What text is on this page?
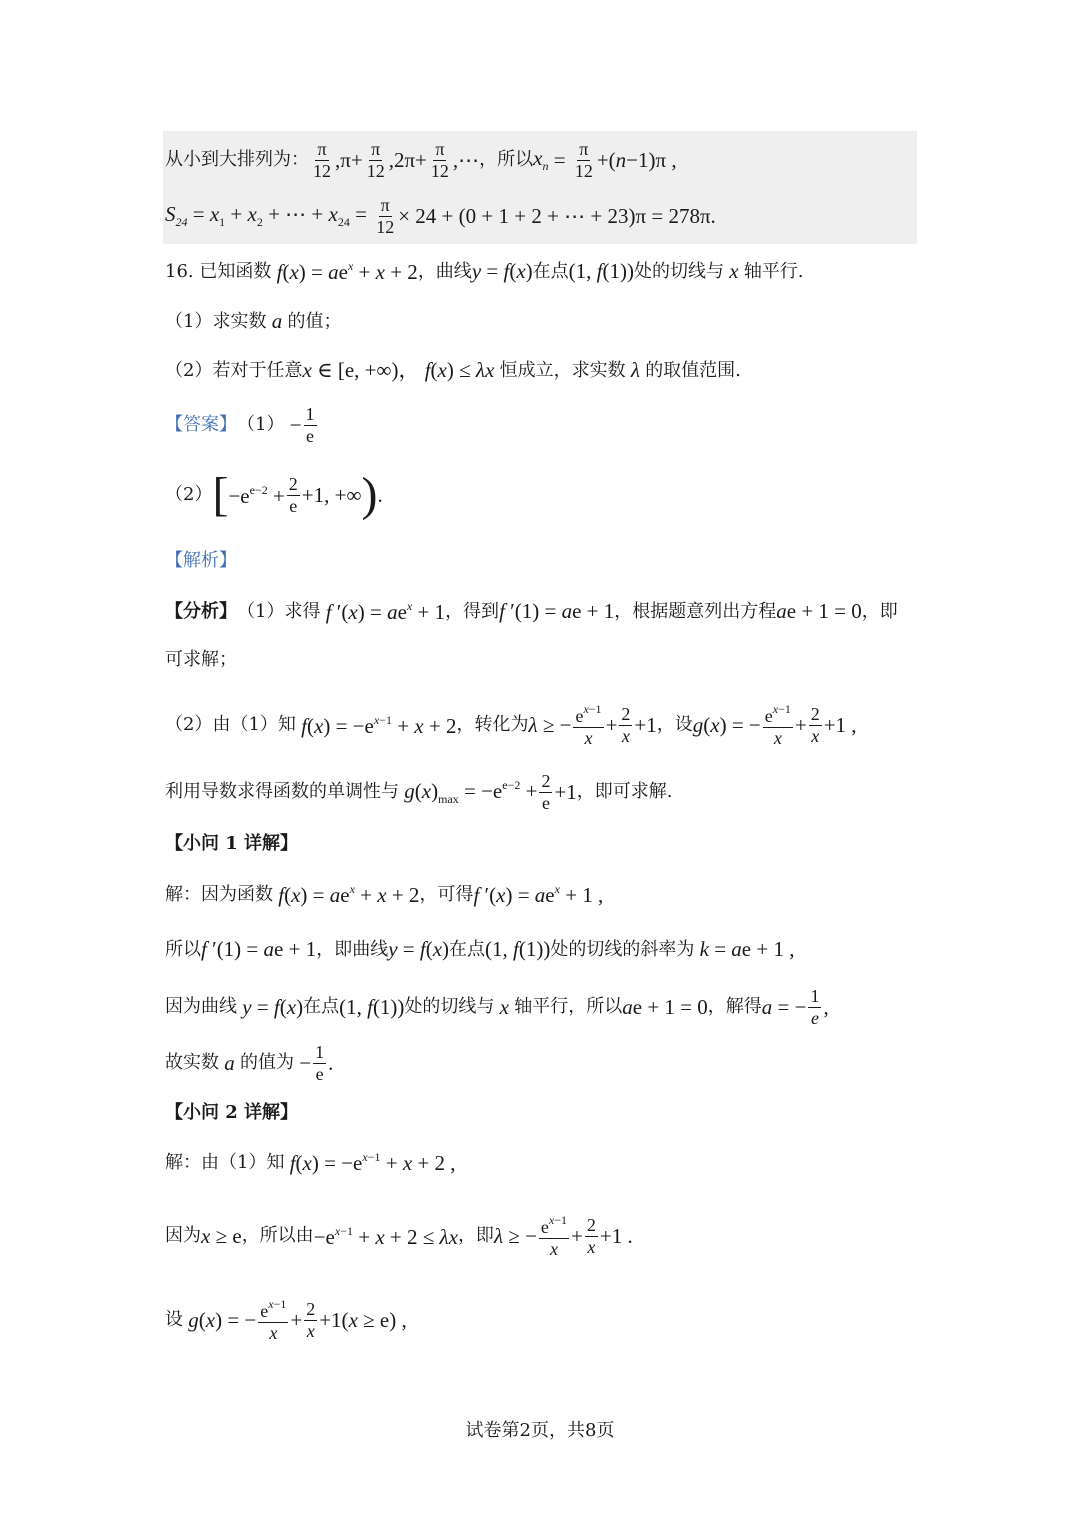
从小到大排列为： $\frac{\pi}{12} ,\pi+ \frac{\pi}{12} ,2\pi+ \frac{\pi}{12}$ ,⋯ ，所以 $x_n = \frac{\pi}{12} +(n-1)\pi$ ,
$S_{24} = x_1 + x_2$ + ⋯ + $x_{24} = \frac{\pi}{12} \times 24 + (0 + 1 + 2$ + ⋯ + 23)π = 278π.
16.
已知函数 $f(x) = ae^x + x + 2$ ，曲线 y = f(x) 在点 (1, f(1)) 处的切线与 x 轴平行.
（1）求实数 a 的值；
（2）若对于任意 x ∈ [e, +∞)， f(x) ≤ λx 恒成立，求实数 λ 的取值范围.
【答案】 $(1) - \frac{1}{e}$
（2） [ $-e^{e-2} + \frac{2}{e} +1$, +∞ ) .
【解析】
【分析】 （1）求得 f $'(x) = ae^x + 1$ ，得到 f ′(1) = ae + 1 ，根据题意列出方程 ae + 1 = 0 ，即
可求解；
（2）由（1）知 $f(x) = -e^{x-1} + x + 2$ ，转化为 λ ≥ − $\frac{e^{x-1}}{x} + \frac{2}{x} +1$ ，设 g(x) = − $\frac{e^{x-1}}{x} + \frac{2}{x} +1$ ,
利用导数求得函数的单调性与 $g(x)_{max} = -e^{e-2} + \frac{2}{e} +1$ ，即可求解.
【小问 1 详解】
解：因为函数 $f(x) = ae^x + x + 2$ ，可得 f $'(x) = ae^x + 1$ ,
所以 f ′(1) = ae + 1 ，即曲线 y = f(x) 在点 (1, f(1)) 处的切线的斜率为 k = ae + 1 ,
因为曲线 y = f(x) 在点 (1, f(1)) 处的切线与 x 轴平行，所以 ae + 1 = 0 ，解得 a = − $\frac{1}{e}$ ,
故实数 a 的值为 − $\frac{1}{e}$ .
【小问 2 详解】
解：由（1）知 $f(x) = -e^{x-1} + x + 2$ ,
因为 x ≥ e ，所以由 $-e^{x-1} + x + 2 \le \lambda x$ ，即 λ ≥ − $\frac{e^{x-1}}{x} + \frac{2}{x} +1$ .
设 g(x) = − $\frac{e^{x-1}}{x} + \frac{2}{x} +1(x \ge e)$ ,
试卷第2页，共8页
